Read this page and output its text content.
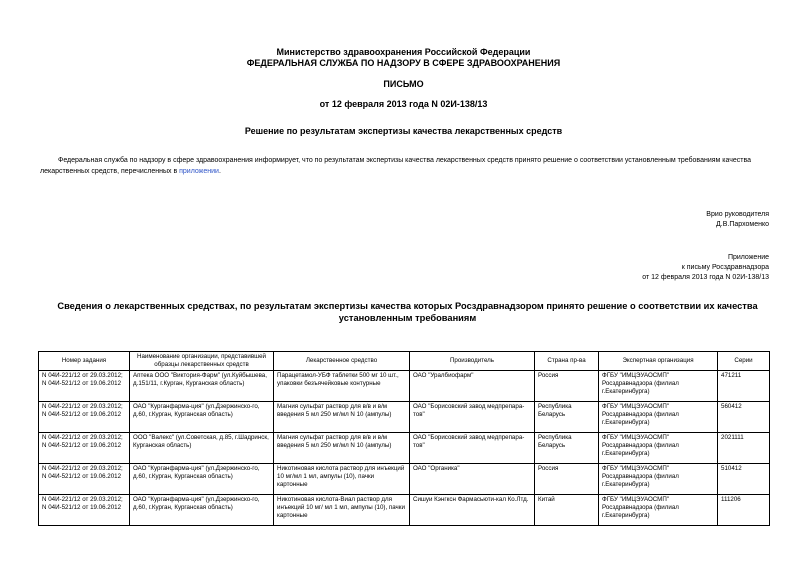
Министерство здравоохранения Российской Федерации
ФЕДЕРАЛЬНАЯ СЛУЖБА ПО НАДЗОРУ В СФЕРЕ ЗДРАВООХРАНЕНИЯ
ПИСЬМО
от 12 февраля 2013 года N 02И-138/13
Решение по результатам экспертизы качества лекарственных средств

Федеральная служба по надзору в сфере здравоохранения информирует, что по результатам экспертизы качества лекарственных средств принято решение о соответствии установленным требованиям качества лекарственных средств, перечисленных в приложении.

Врио руководителя
Д.В.Пархоменко
Приложение
к письму Росздравнадзора
от 12 февраля 2013 года N 02И-138/13
Сведения о лекарственных средствах, по результатам экспертизы качества которых Росздравнадзором принято решение о соответствии их качества
установленным требованиям
Номер задания	Наименование организации, представившей образцы лекарственных средств	Лекарственное средство	Производитель	Страна пр-ва	Экспертная организация	Серии
N 04И-221/12 от 29.03.2012; N 04И-521/12 от 19.06.2012	Аптека ООО "Виктория-Фарм" (ул.Куйбышева, д.151/11, г.Курган, Курганская область)	Парацетамол-УБФ таблетки 500 мг 10 шт., упаковки безъячейковые контурные	ОАО "Уралбиофарм"	Россия	ФГБУ "ИМЦЭУАОСМП" Росздравнадзора (филиал г.Екатеринбурга)	471211
N 04И-221/12 от 29.03.2012; N 04И-521/12 от 19.06.2012	ОАО "Курганфарма-ция" (ул.Дзержинско-го, д.60, г.Курган, Курганская область)	Магния сульфат раствор для в/в и в/м введения 5 мл 250 мг/мл N 10 (ампулы)	ОАО "Борисовский завод медпрепара-тов"	Республика Беларусь	ФГБУ "ИМЦЭУАОСМП" Росздравнадзора (филиал г.Екатеринбурга)	560412
N 04И-221/12 от 29.03.2012; N 04И-521/12 от 19.06.2012	ООО "Валекс" (ул.Советская, д.85, г.Шадринск, Курганская область)	Магния сульфат раствор для в/в и в/м введения 5 мл 250 мг/мл N 10 (ампулы)	ОАО "Борисовский завод медпрепара-тов"	Республика Беларусь	ФГБУ "ИМЦЭУАОСМП" Росздравнадзора (филиал г.Екатеринбурга)	2021111
N 04И-221/12 от 29.03.2012; N 04И-521/12 от 19.06.2012	ОАО "Курганфарма-ция" (ул.Дзержинско-го, д.60, г.Курган, Курганская область)	Никотиновая кислота раствор для инъекций 10 мг/мл 1 мл, ампулы (10), пачки картонные	ОАО "Органика"	Россия	ФГБУ "ИМЦЭУАОСМП" Росздравнадзора (филиал г.Екатеринбурга)	510412
N 04И-221/12 от 29.03.2012; N 04И-521/12 от 19.06.2012	ОАО "Курганфарма-ция" (ул.Дзержинско-го, д.60, г.Курган, Курганская область)	Никотиновая кислота-Виал раствор для инъекций 10 мг/ мл 1 мл, ампулы (10), пачки картонные	Сишуи Кэнгксн Фармасьюти-кал Ко.Лтд.	Китай	ФГБУ "ИМЦЭУАОСМП" Росздравнадзора (филиал г.Екатеринбурга)	111206
